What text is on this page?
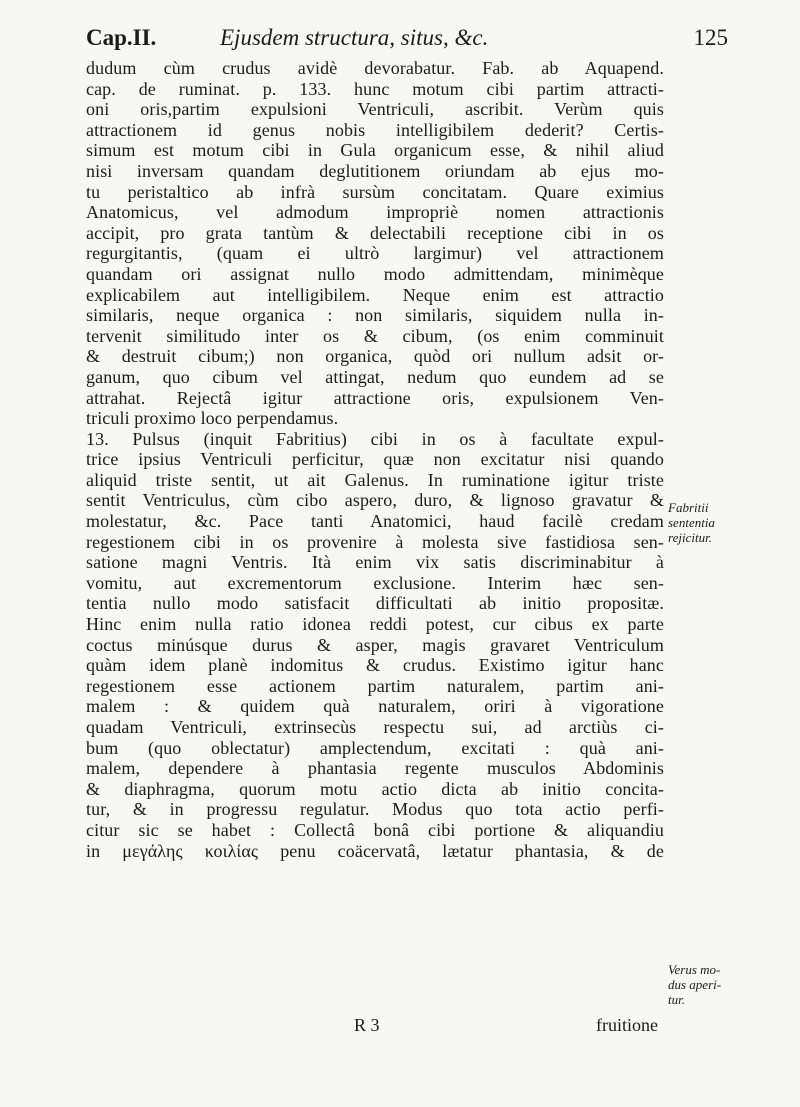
Cap.II.	Ejusdem structura, situs, &c.	125
dudum cùm crudus avidè devorabatur. Fab. ab Aquapend.
cap. de ruminat. p. 133. hunc motum cibi partim attracti-
oni oris,partim expulsioni Ventriculi, ascribit. Verùm quis
attractionem id genus nobis intelligibilem dederit? Certis-
simum est motum cibi in Gula organicum esse, & nihil aliud
nisi inversam quandam deglutitionem oriundam ab ejus mo-
tu peristaltico ab infrà sursùm concitatam. Quare eximius
Anatomicus, vel admodum impropriè nomen attractionis
accipit, pro grata tantùm & delectabili receptione cibi in os
regurgitantis, (quam ei ultrò largimur) vel attractionem
quandam ori assignat nullo modo admittendam, minimèque
explicabilem aut intelligibilem. Neque enim est attractio
similaris, neque organica : non similaris, siquidem nulla in-
tervenit similitudo inter os & cibum, (os enim comminuit
& destruit cibum;) non organica, quòd ori nullum adsit or-
ganum, quo cibum vel attingat, nedum quo eundem ad se
attrahat. Rejectâ igitur attractione oris, expulsionem Ven-
triculi proximo loco perpendamus.
13. Pulsus (inquit Fabritius) cibi in os à facultate expul-
trice ipsius Ventriculi perficitur, quæ non excitatur nisi quando
aliquid triste sentit, ut ait Galenus. In ruminatione igitur triste
sentit Ventriculus, cùm cibo aspero, duro, & lignoso gravatur &
molestatur, &c. Pace tanti Anatomici, haud facilè credam
regestionem cibi in os provenire à molesta sive fastidiosa sen-
satione magni Ventris. Ità enim vix satis discriminabitur à
vomitu, aut excrementorum exclusione. Interim hæc sen-
tentia nullo modo satisfacit difficultati ab initio propositæ.
Hinc enim nulla ratio idonea reddi potest, cur cibus ex parte
coctus minúsque durus & asper, magis gravaret Ventriculum
quàm idem planè indomitus & crudus. Existimo igitur hanc
regestionem esse actionem partim naturalem, partim ani-
malem : & quidem quà naturalem, oriri à vigoratione
quadam Ventriculi, extrinsecùs respectu sui, ad arctiùs ci-
bum (quo oblectatur) amplectendum, excitati : quà ani-
malem, dependere à phantasia regente musculos Abdominis
& diaphragma, quorum motu actio dicta ab initio concita-
tur, & in progressu regulatur. Modus quo tota actio perfi-
citur sic se habet : Collectâ bonâ cibi portione & aliquandiu
in μεγάλης κοιλίας penu coäcervatâ, lætatur phantasia, & de
Fabritii
sententia
rejicitur.
Verus mo-
dus aperi-
tur.
R 3	fruitione
